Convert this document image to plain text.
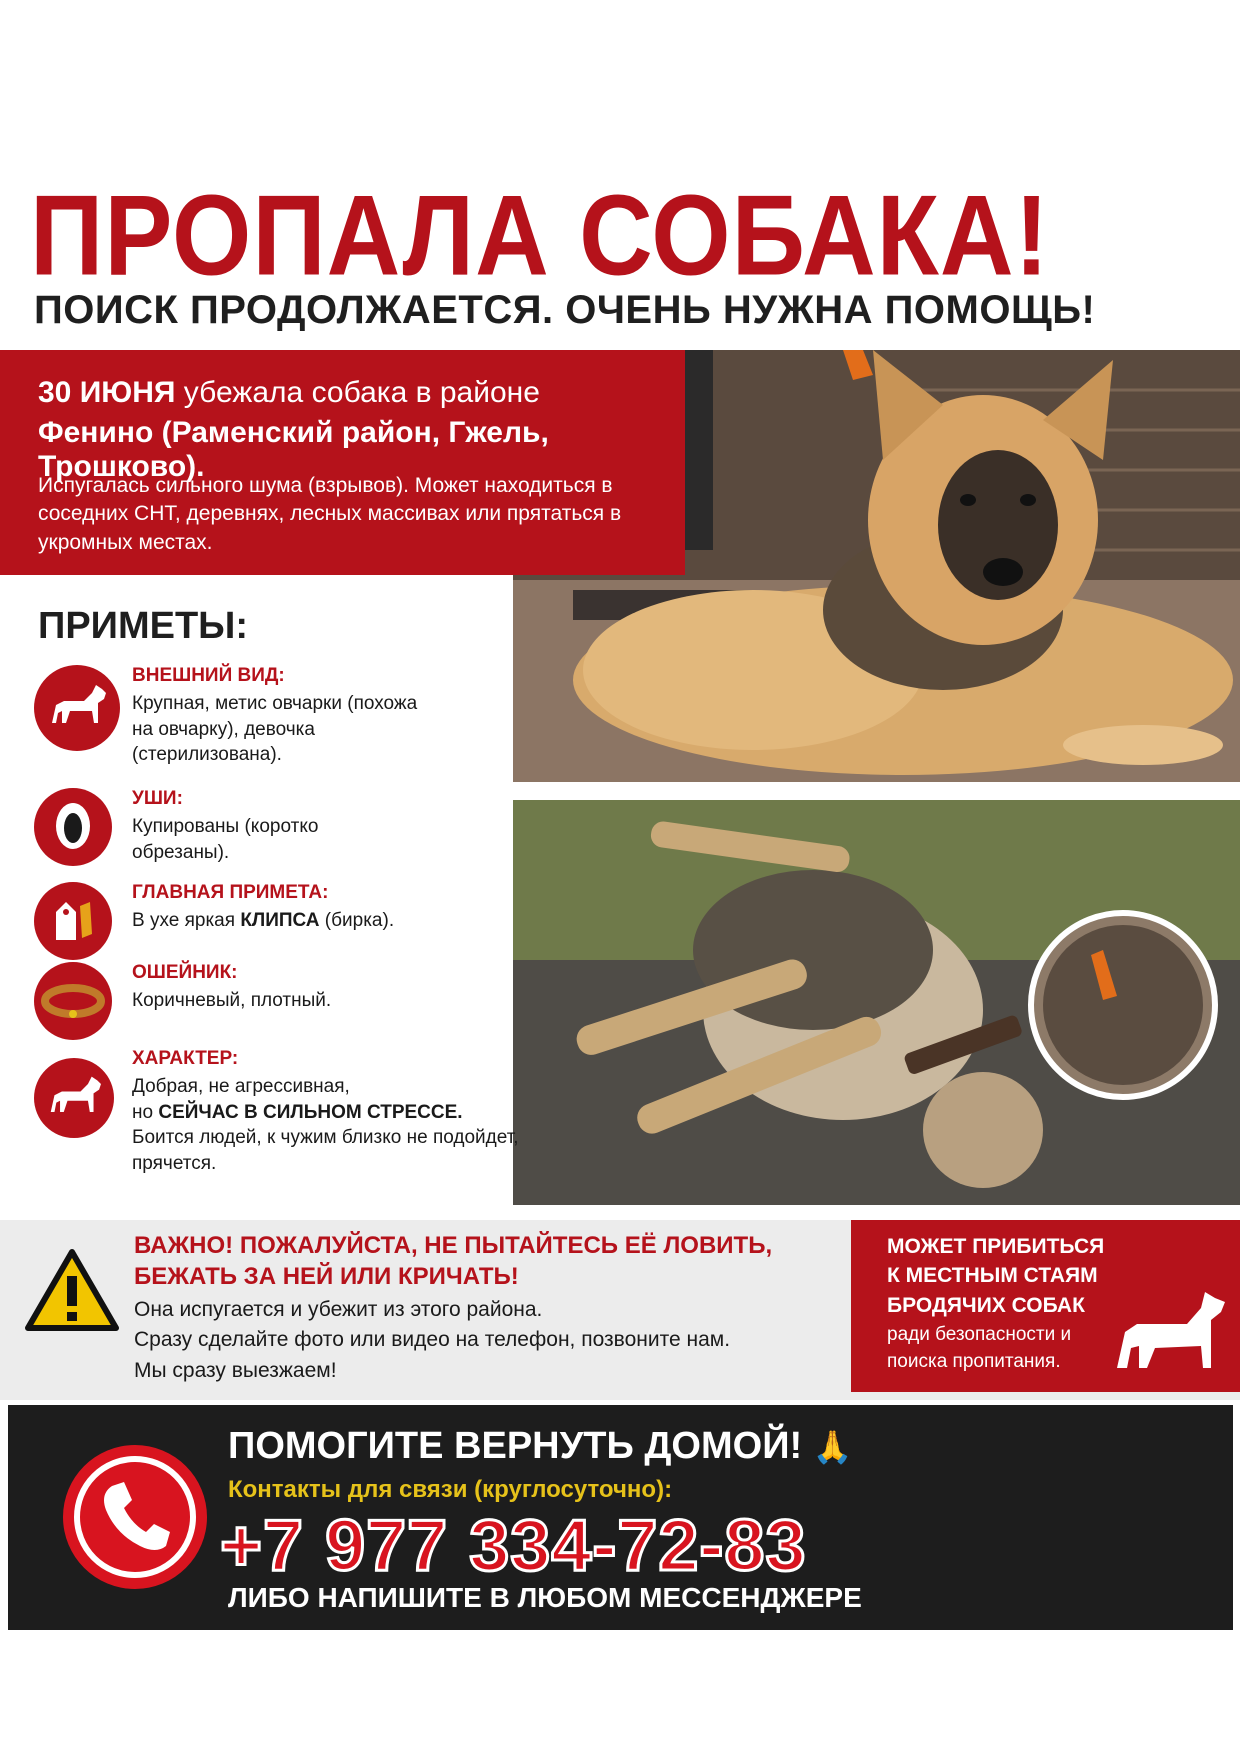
ПРОПАЛА СОБАКА!
ПОИСК ПРОДОЛЖАЕТСЯ. ОЧЕНЬ НУЖНА ПОМОЩЬ!
30 ИЮНЯ убежала собака в районе
Фенино (Раменский район, Гжель, Трошково).
Испугалась сильного шума (взрывов). Может находиться в соседних СНТ, деревнях, лесных массивах или прятаться в укромных местах.
ПРИМЕТЫ:
ВНЕШНИЙ ВИД:
Крупная, метис овчарки (похожа на овчарку), девочка (стерилизована).
УШИ:
Купированы (коротко обрезаны).
ГЛАВНАЯ ПРИМЕТА:
В ухе яркая КЛИПСА (бирка).
ОШЕЙНИК:
Коричневый, плотный.
ХАРАКТЕР:
Добрая, не агрессивная,
но СЕЙЧАС В СИЛЬНОМ СТРЕССЕ.
Боится людей, к чужим близко не подойдет, прячется.
ВАЖНО! ПОЖАЛУЙСТА, НЕ ПЫТАЙТЕСЬ ЕЁ ЛОВИТЬ, БЕЖАТЬ ЗА НЕЙ ИЛИ КРИЧАТЬ!
Она испугается и убежит из этого района.
Сразу сделайте фото или видео на телефон, позвоните нам.
Мы сразу выезжаем!
МОЖЕТ ПРИБИТЬСЯ К МЕСТНЫМ СТАЯМ БРОДЯЧИХ СОБАК
ради безопасности и поиска пропитания.
ПОМОГИТЕ ВЕРНУТЬ ДОМОЙ! 🙏
Контакты для связи (круглосуточно):
+7 977 334-72-83
ЛИБО НАПИШИТЕ В ЛЮБОМ МЕССЕНДЖЕРЕ
